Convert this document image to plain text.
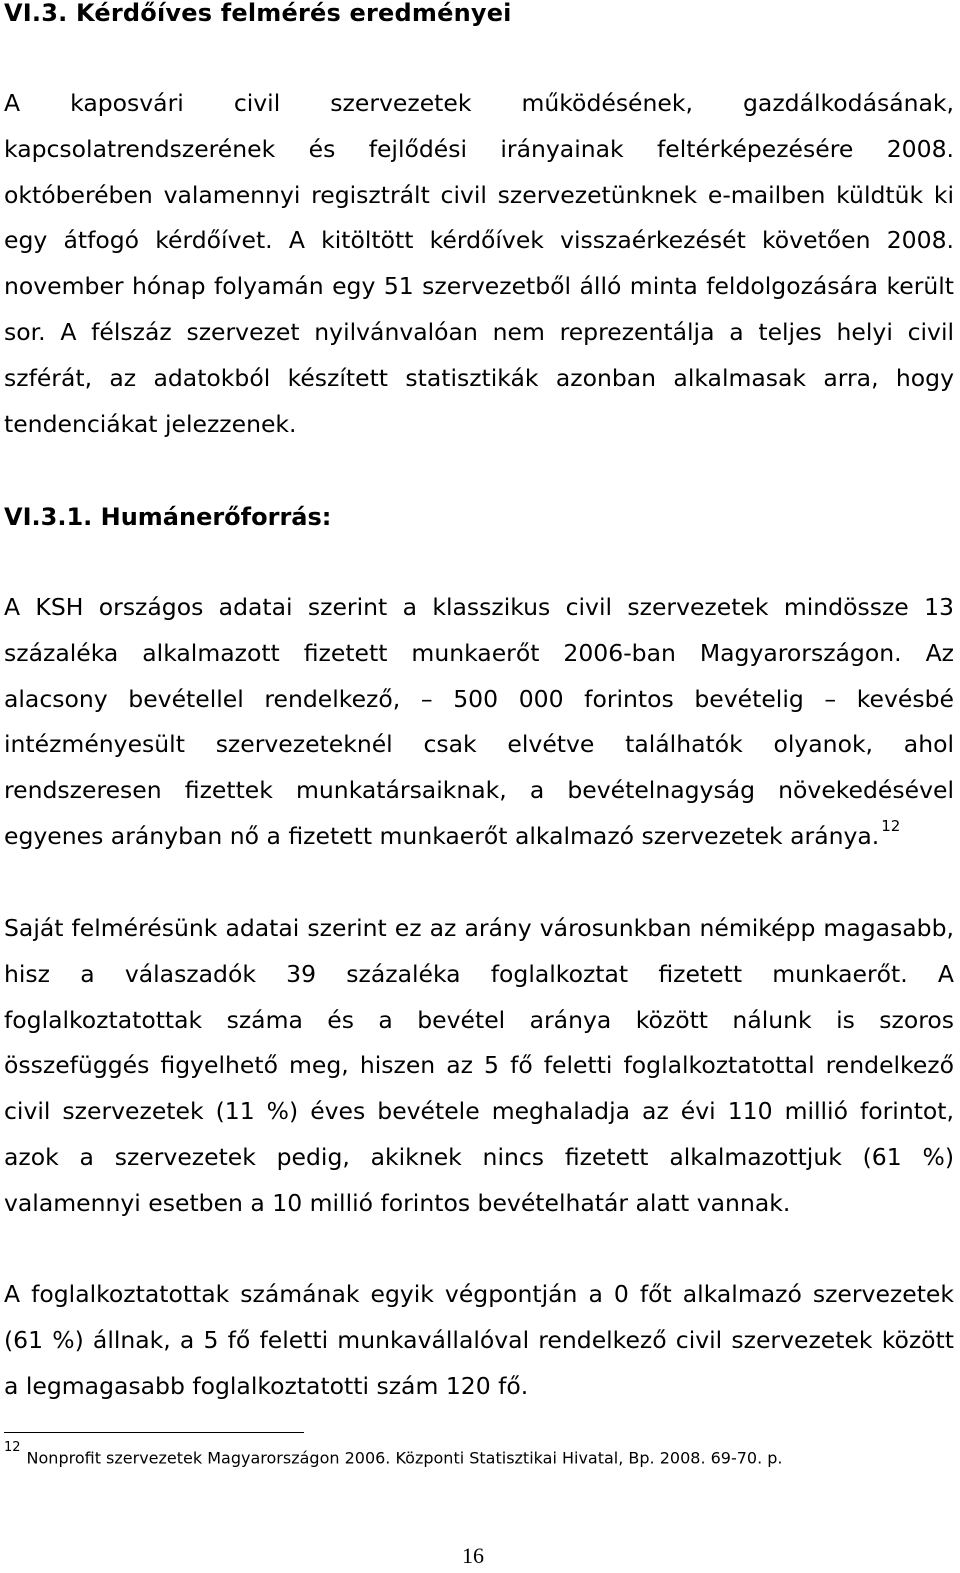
VI.3. Kérdőíves felmérés eredményei

A kaposvári civil szervezetek működésének, gazdálkodásának, kapcsolatrendszerének és fejlődési irányainak feltérképezésére 2008. októberében valamennyi regisztrált civil szervezetünknek e-mailben küldtük ki egy átfogó kérdőívet. A kitöltött kérdőívek visszaérkezését követően 2008. november hónap folyamán egy 51 szervezetből álló minta feldolgozására került sor. A félszáz szervezet nyilvánvalóan nem reprezentálja a teljes helyi civil szférát, az adatokból készített statisztikák azonban alkalmasak arra, hogy tendenciákat jelezzenek.

VI.3.1. Humánerőforrás:

A KSH országos adatai szerint a klasszikus civil szervezetek mindössze 13 százaléka alkalmazott fizetett munkaerőt 2006-ban Magyarországon. Az alacsony bevétellel rendelkező, – 500 000 forintos bevételig – kevésbé intézményesült szervezeteknél csak elvétve találhatók olyanok, ahol rendszeresen fizettek munkatársaiknak, a bevételnagyság növekedésével egyenes arányban nő a fizetett munkaerőt alkalmazó szervezetek aránya. $^{12}$

Saját felmérésünk adatai szerint ez az arány városunkban némiképp magasabb, hisz a válaszadók 39 százaléka foglalkoztat fizetett munkaerőt. A foglalkoztatottak száma és a bevétel aránya között nálunk is szoros összefüggés figyelhető meg, hiszen az 5 fő feletti foglalkoztatottal rendelkező civil szervezetek (11 %) éves bevétele meghaladja az évi 110 millió forintot, azok a szervezetek pedig, akiknek nincs fizetett alkalmazottjuk (61 %) valamennyi esetben a 10 millió forintos bevételhatár alatt vannak.

A foglalkoztatottak számának egyik végpontján a 0 főt alkalmazó szervezetek (61 %) állnak, a 5 fő feletti munkavállalóval rendelkező civil szervezetek között a legmagasabb foglalkoztatotti szám 120 fő.

$^{12}$Nonprofit szervezetek Magyarországon 2006. Központi Statisztikai Hivatal, Bp. 2008. 69-70. p.
16
